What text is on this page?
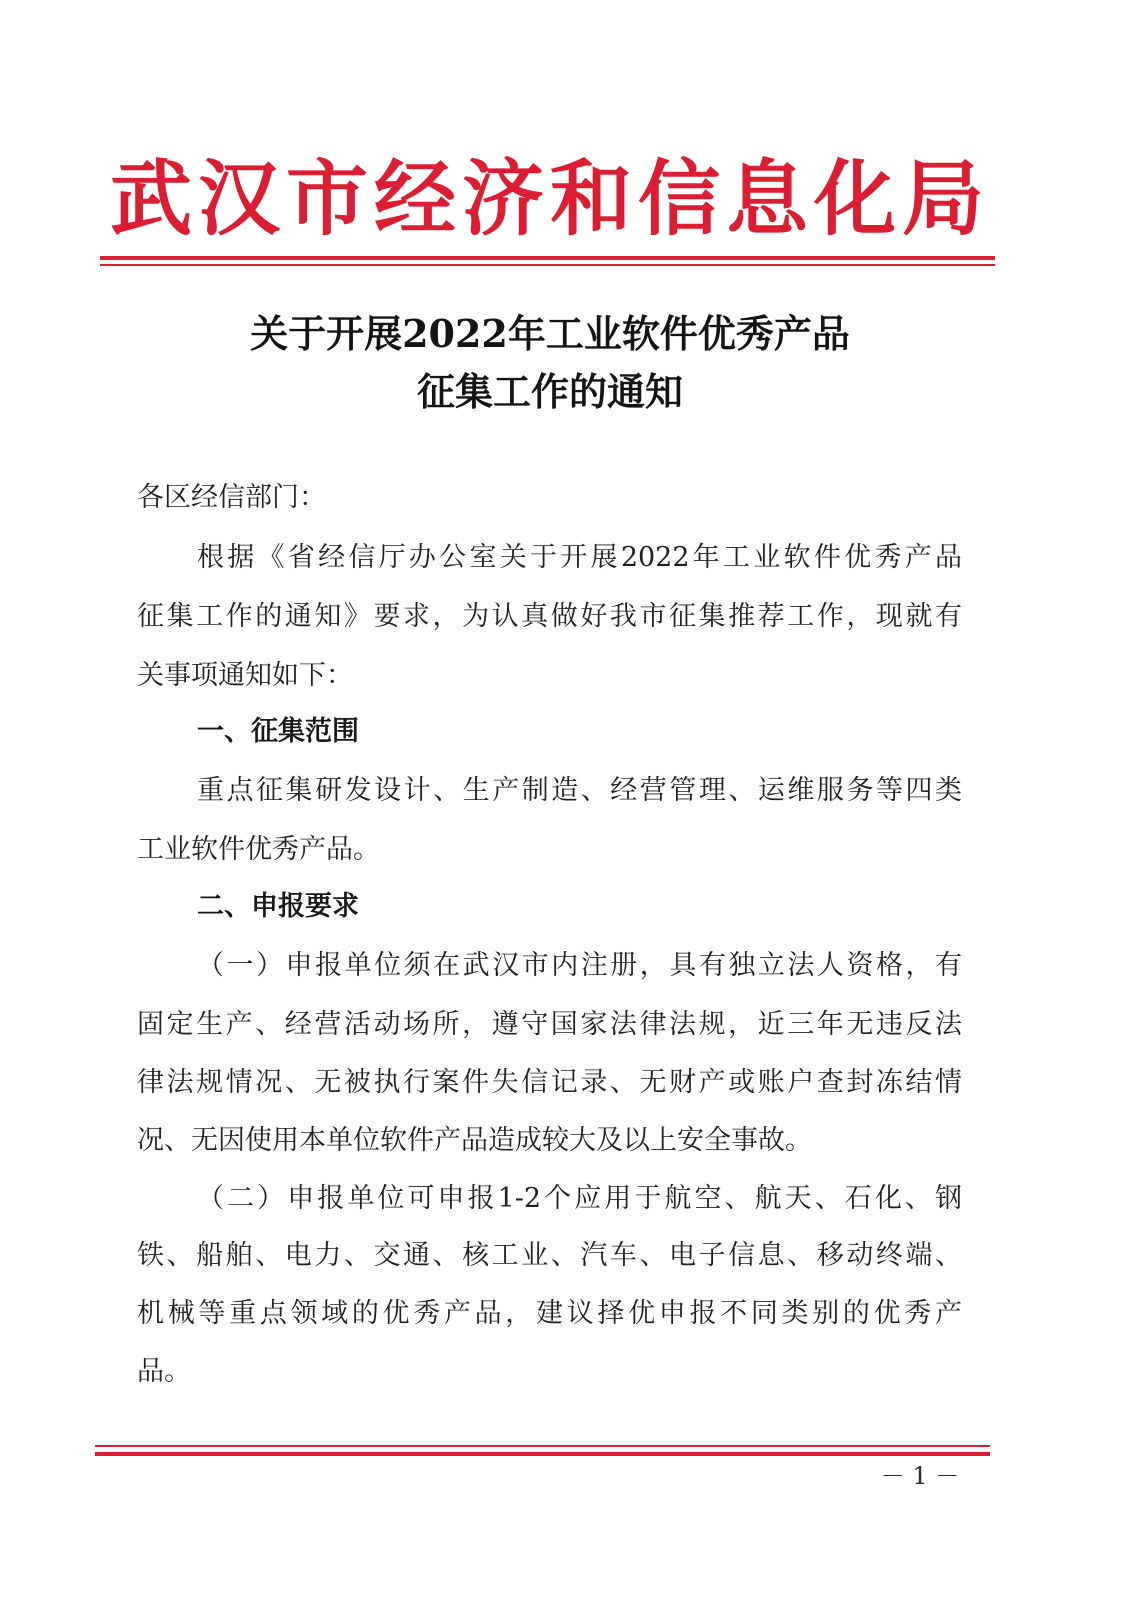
武汉市经济和信息化局
关于开展2022年工业软件优秀产品
征集工作的通知
各区经信部门：
根据《省经信厅办公室关于开展2022年工业软件优秀产品
征集工作的通知》要求，为认真做好我市征集推荐工作，现就有
关事项通知如下：
一、征集范围
重点征集研发设计、生产制造、经营管理、运维服务等四类
工业软件优秀产品。
二、申报要求
（一）申报单位须在武汉市内注册，具有独立法人资格，有
固定生产、经营活动场所，遵守国家法律法规，近三年无违反法
律法规情况、无被执行案件失信记录、无财产或账户查封冻结情
况、无因使用本单位软件产品造成较大及以上安全事故。
（二）申报单位可申报1-2个应用于航空、航天、石化、钢
铁、船舶、电力、交通、核工业、汽车、电子信息、移动终端、
机械等重点领域的优秀产品，建议择优申报不同类别的优秀产
品。
－ 1 －
